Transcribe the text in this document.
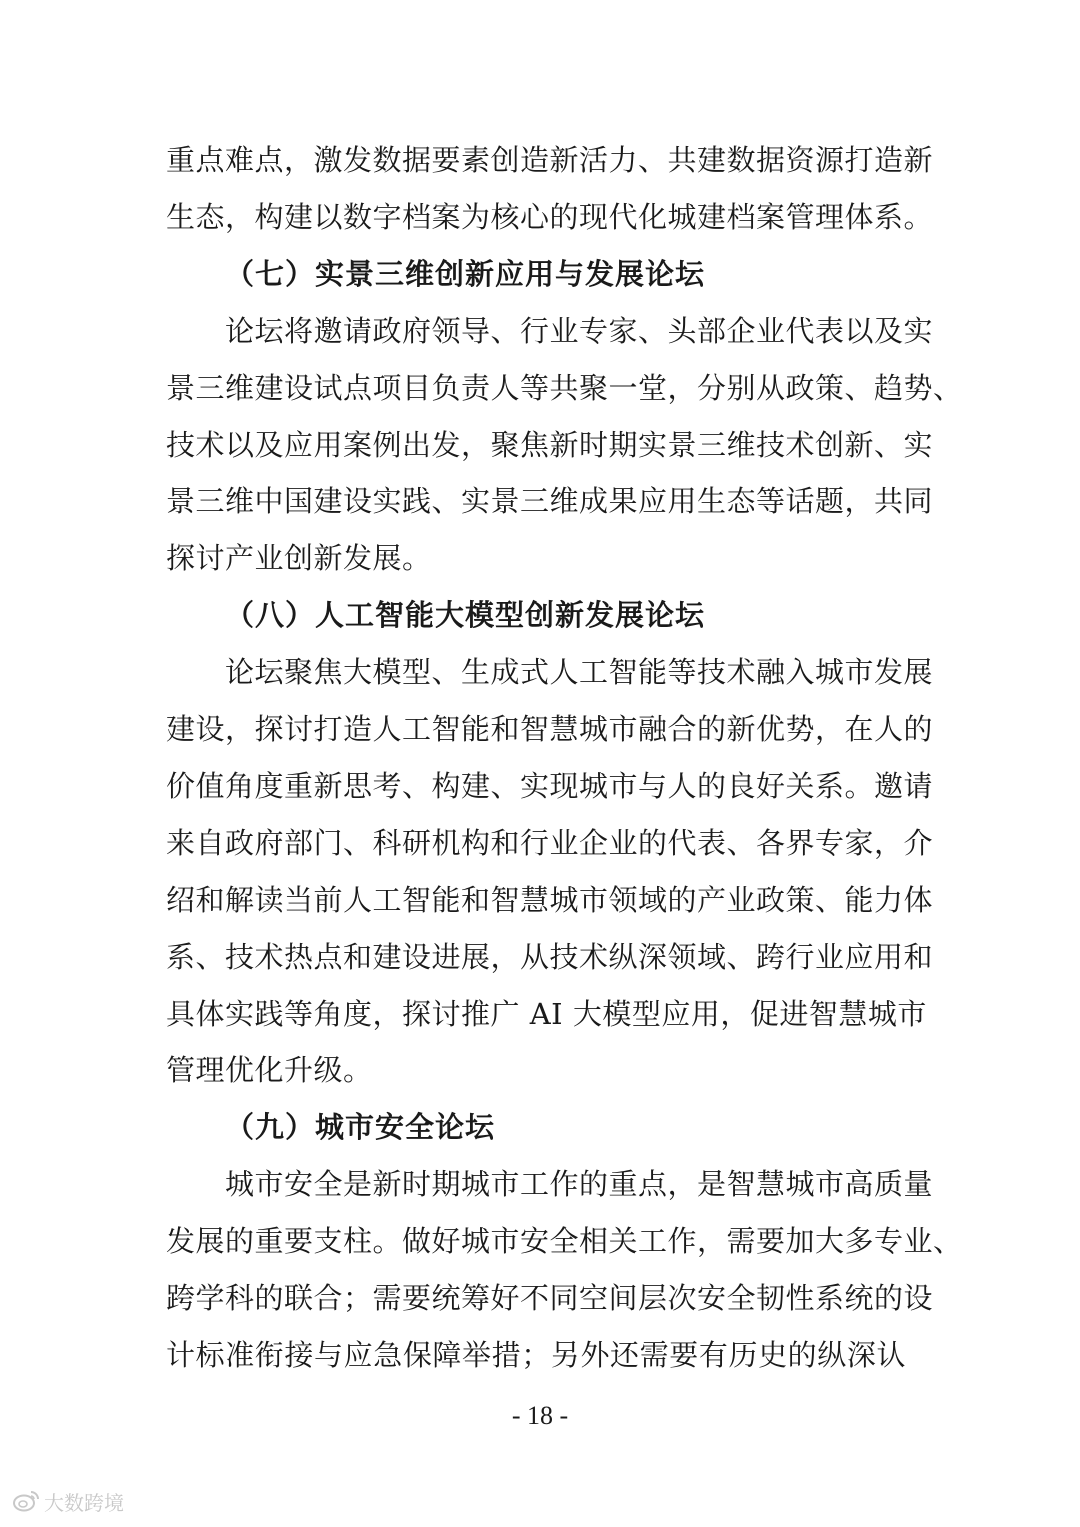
重点难点，激发数据要素创造新活力、共建数据资源打造新
生态，构建以数字档案为核心的现代化城建档案管理体系。
（七）实景三维创新应用与发展论坛
论坛将邀请政府领导、行业专家、头部企业代表以及实
景三维建设试点项目负责人等共聚一堂，分别从政策、趋势、
技术以及应用案例出发，聚焦新时期实景三维技术创新、实
景三维中国建设实践、实景三维成果应用生态等话题，共同
探讨产业创新发展。
（八）人工智能大模型创新发展论坛
论坛聚焦大模型、生成式人工智能等技术融入城市发展
建设，探讨打造人工智能和智慧城市融合的新优势，在人的
价值角度重新思考、构建、实现城市与人的良好关系。邀请
来自政府部门、科研机构和行业企业的代表、各界专家，介
绍和解读当前人工智能和智慧城市领域的产业政策、能力体
系、技术热点和建设进展，从技术纵深领域、跨行业应用和
具体实践等角度，探讨推广 AI 大模型应用，促进智慧城市
管理优化升级。
（九）城市安全论坛
城市安全是新时期城市工作的重点，是智慧城市高质量
发展的重要支柱。做好城市安全相关工作，需要加大多专业、
跨学科的联合；需要统筹好不同空间层次安全韧性系统的设
计标准衔接与应急保障举措；另外还需要有历史的纵深认
- 18 -
大数跨境
